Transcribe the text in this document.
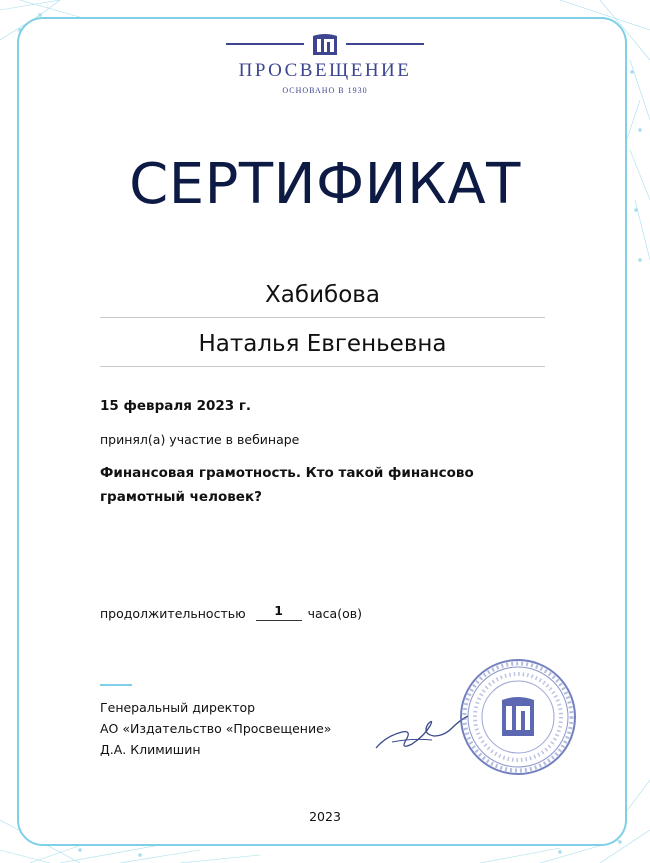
ПРОСВЕЩЕНИЕ
ОСНОВАНО В 1930
СЕРТИФИКАТ
Хабибова
Наталья Евгеньевна
15 февраля 2023 г.
принял(а) участие в вебинаре
Финансовая грамотность. Кто такой финансово грамотный человек?
продолжительностью	1	часа(ов)
Генеральный директор
АО «Издательство «Просвещение»
Д.А. Климишин
2023
